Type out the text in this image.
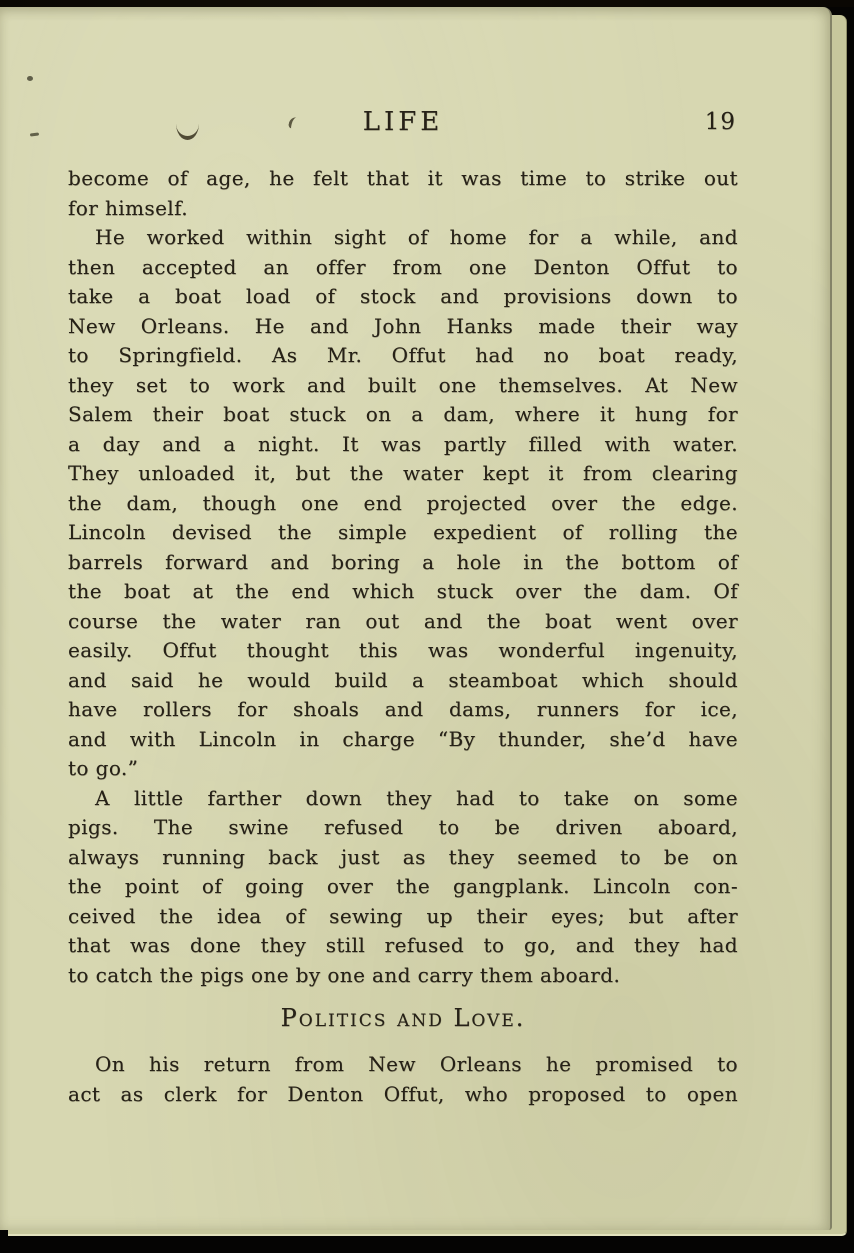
LIFE	19
become of age, he felt that it was time to strike out
for himself.
He worked within sight of home for a while, and
then accepted an offer from one Denton Offut to
take a boat load of stock and provisions down to
New Orleans. He and John Hanks made their way
to Springfield. As Mr. Offut had no boat ready,
they set to work and built one themselves. At New
Salem their boat stuck on a dam, where it hung for
a day and a night. It was partly filled with water.
They unloaded it, but the water kept it from clearing
the dam, though one end projected over the edge.
Lincoln devised the simple expedient of rolling the
barrels forward and boring a hole in the bottom of
the boat at the end which stuck over the dam. Of
course the water ran out and the boat went over
easily. Offut thought this was wonderful ingenuity,
and said he would build a steamboat which should
have rollers for shoals and dams, runners for ice,
and with Lincoln in charge “By thunder, she’d have
to go.”
A little farther down they had to take on some
pigs. The swine refused to be driven aboard,
always running back just as they seemed to be on
the point of going over the gangplank. Lincoln con-
ceived the idea of sewing up their eyes; but after
that was done they still refused to go, and they had
to catch the pigs one by one and carry them aboard.
Politics and Love.
On his return from New Orleans he promised to
act as clerk for Denton Offut, who proposed to open
